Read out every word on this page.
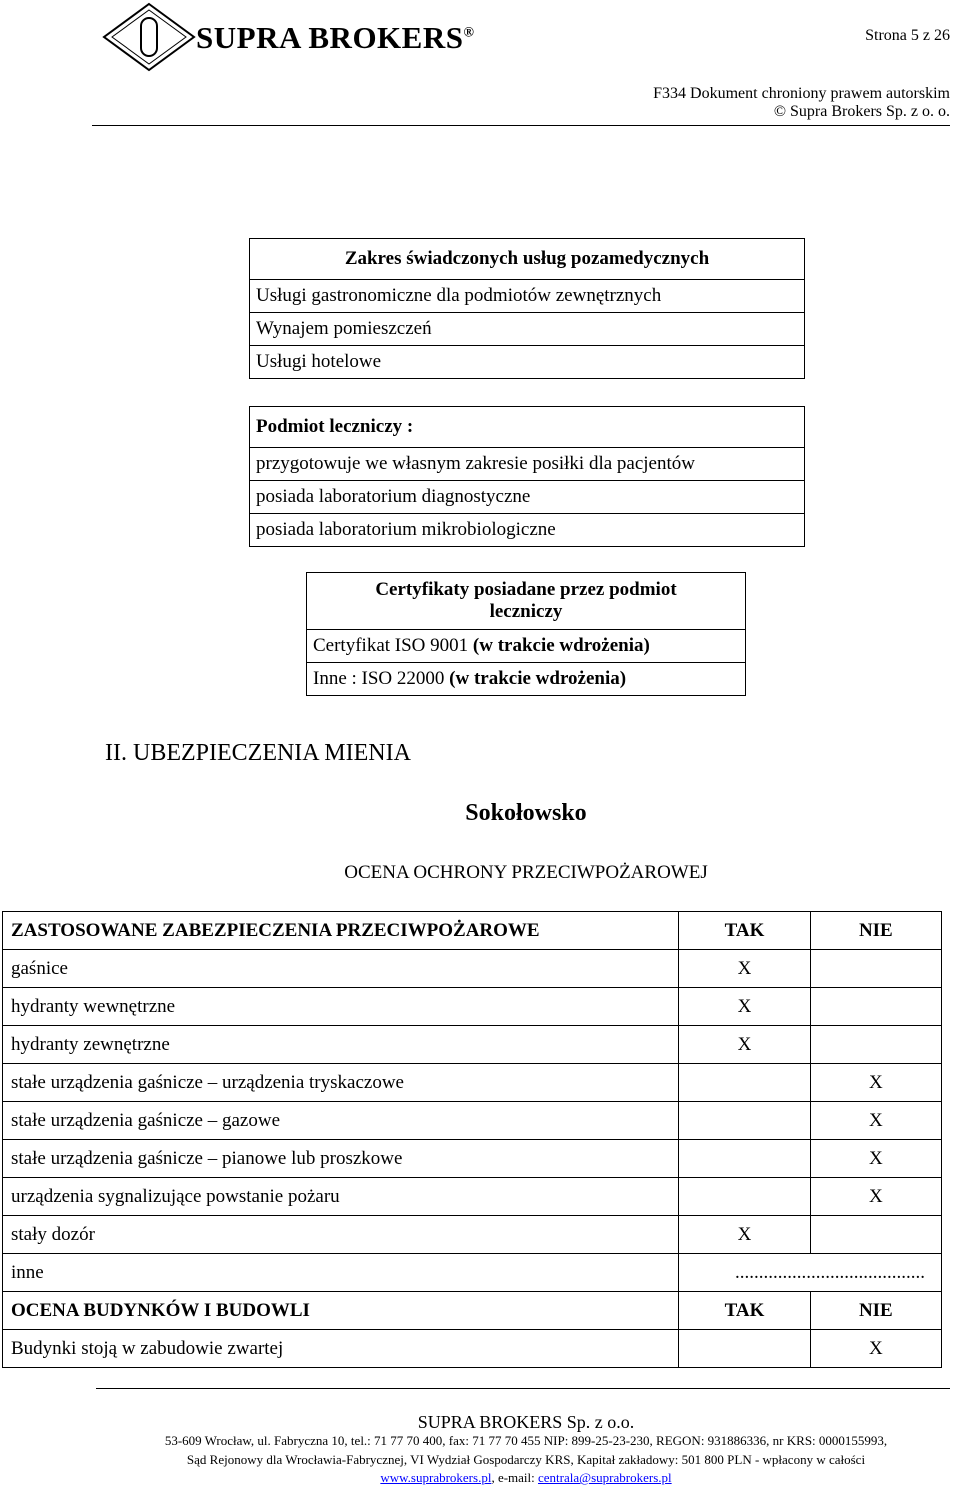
SUPRA BROKERS®	Strona 5 z 26
F334 Dokument chroniony prawem autorskim
© Supra Brokers Sp. z o. o.
Zakres świadczonych usług pozamedycznych
Usługi gastronomiczne dla podmiotów zewnętrznych
Wynajem pomieszczeń
Usługi hotelowe
Podmiot leczniczy :
przygotowuje we własnym zakresie posiłki dla pacjentów
posiada laboratorium diagnostyczne
posiada laboratorium mikrobiologiczne
Certyfikaty posiadane przez podmiot
leczniczy

Certyfikat ISO 9001 (w trakcie wdrożenia)
Inne : ISO 22000 (w trakcie wdrożenia)
II. UBEZPIECZENIA MIENIA
Sokołowsko
OCENA OCHRONY PRZECIWPOŻAROWEJ
ZASTOSOWANE ZABEZPIECZENIA PRZECIWPOŻAROWE	TAK	NIE
gaśnice	X	
hydranty wewnętrzne	X	
hydranty zewnętrzne	X	
stałe urządzenia gaśnicze – urządzenia tryskaczowe		X
stałe urządzenia gaśnicze – gazowe		X
stałe urządzenia gaśnicze – pianowe lub proszkowe		X
urządzenia sygnalizujące powstanie pożaru		X
stały dozór	X	
inne	........................................	
OCENA BUDYNKÓW I BUDOWLI	TAK	NIE
Budynki stoją w zabudowie zwartej		X
SUPRA BROKERS Sp. z o.o.
53-609 Wrocław, ul. Fabryczna 10, tel.: 71 77 70 400, fax: 71 77 70 455 NIP: 899-25-23-230, REGON: 931886336, nr KRS: 0000155993,
Sąd Rejonowy dla Wrocławia-Fabrycznej, VI Wydział Gospodarczy KRS, Kapitał zakładowy: 501 800 PLN - wpłacony w całości
www.suprabrokers.pl, e-mail: centrala@suprabrokers.pl
